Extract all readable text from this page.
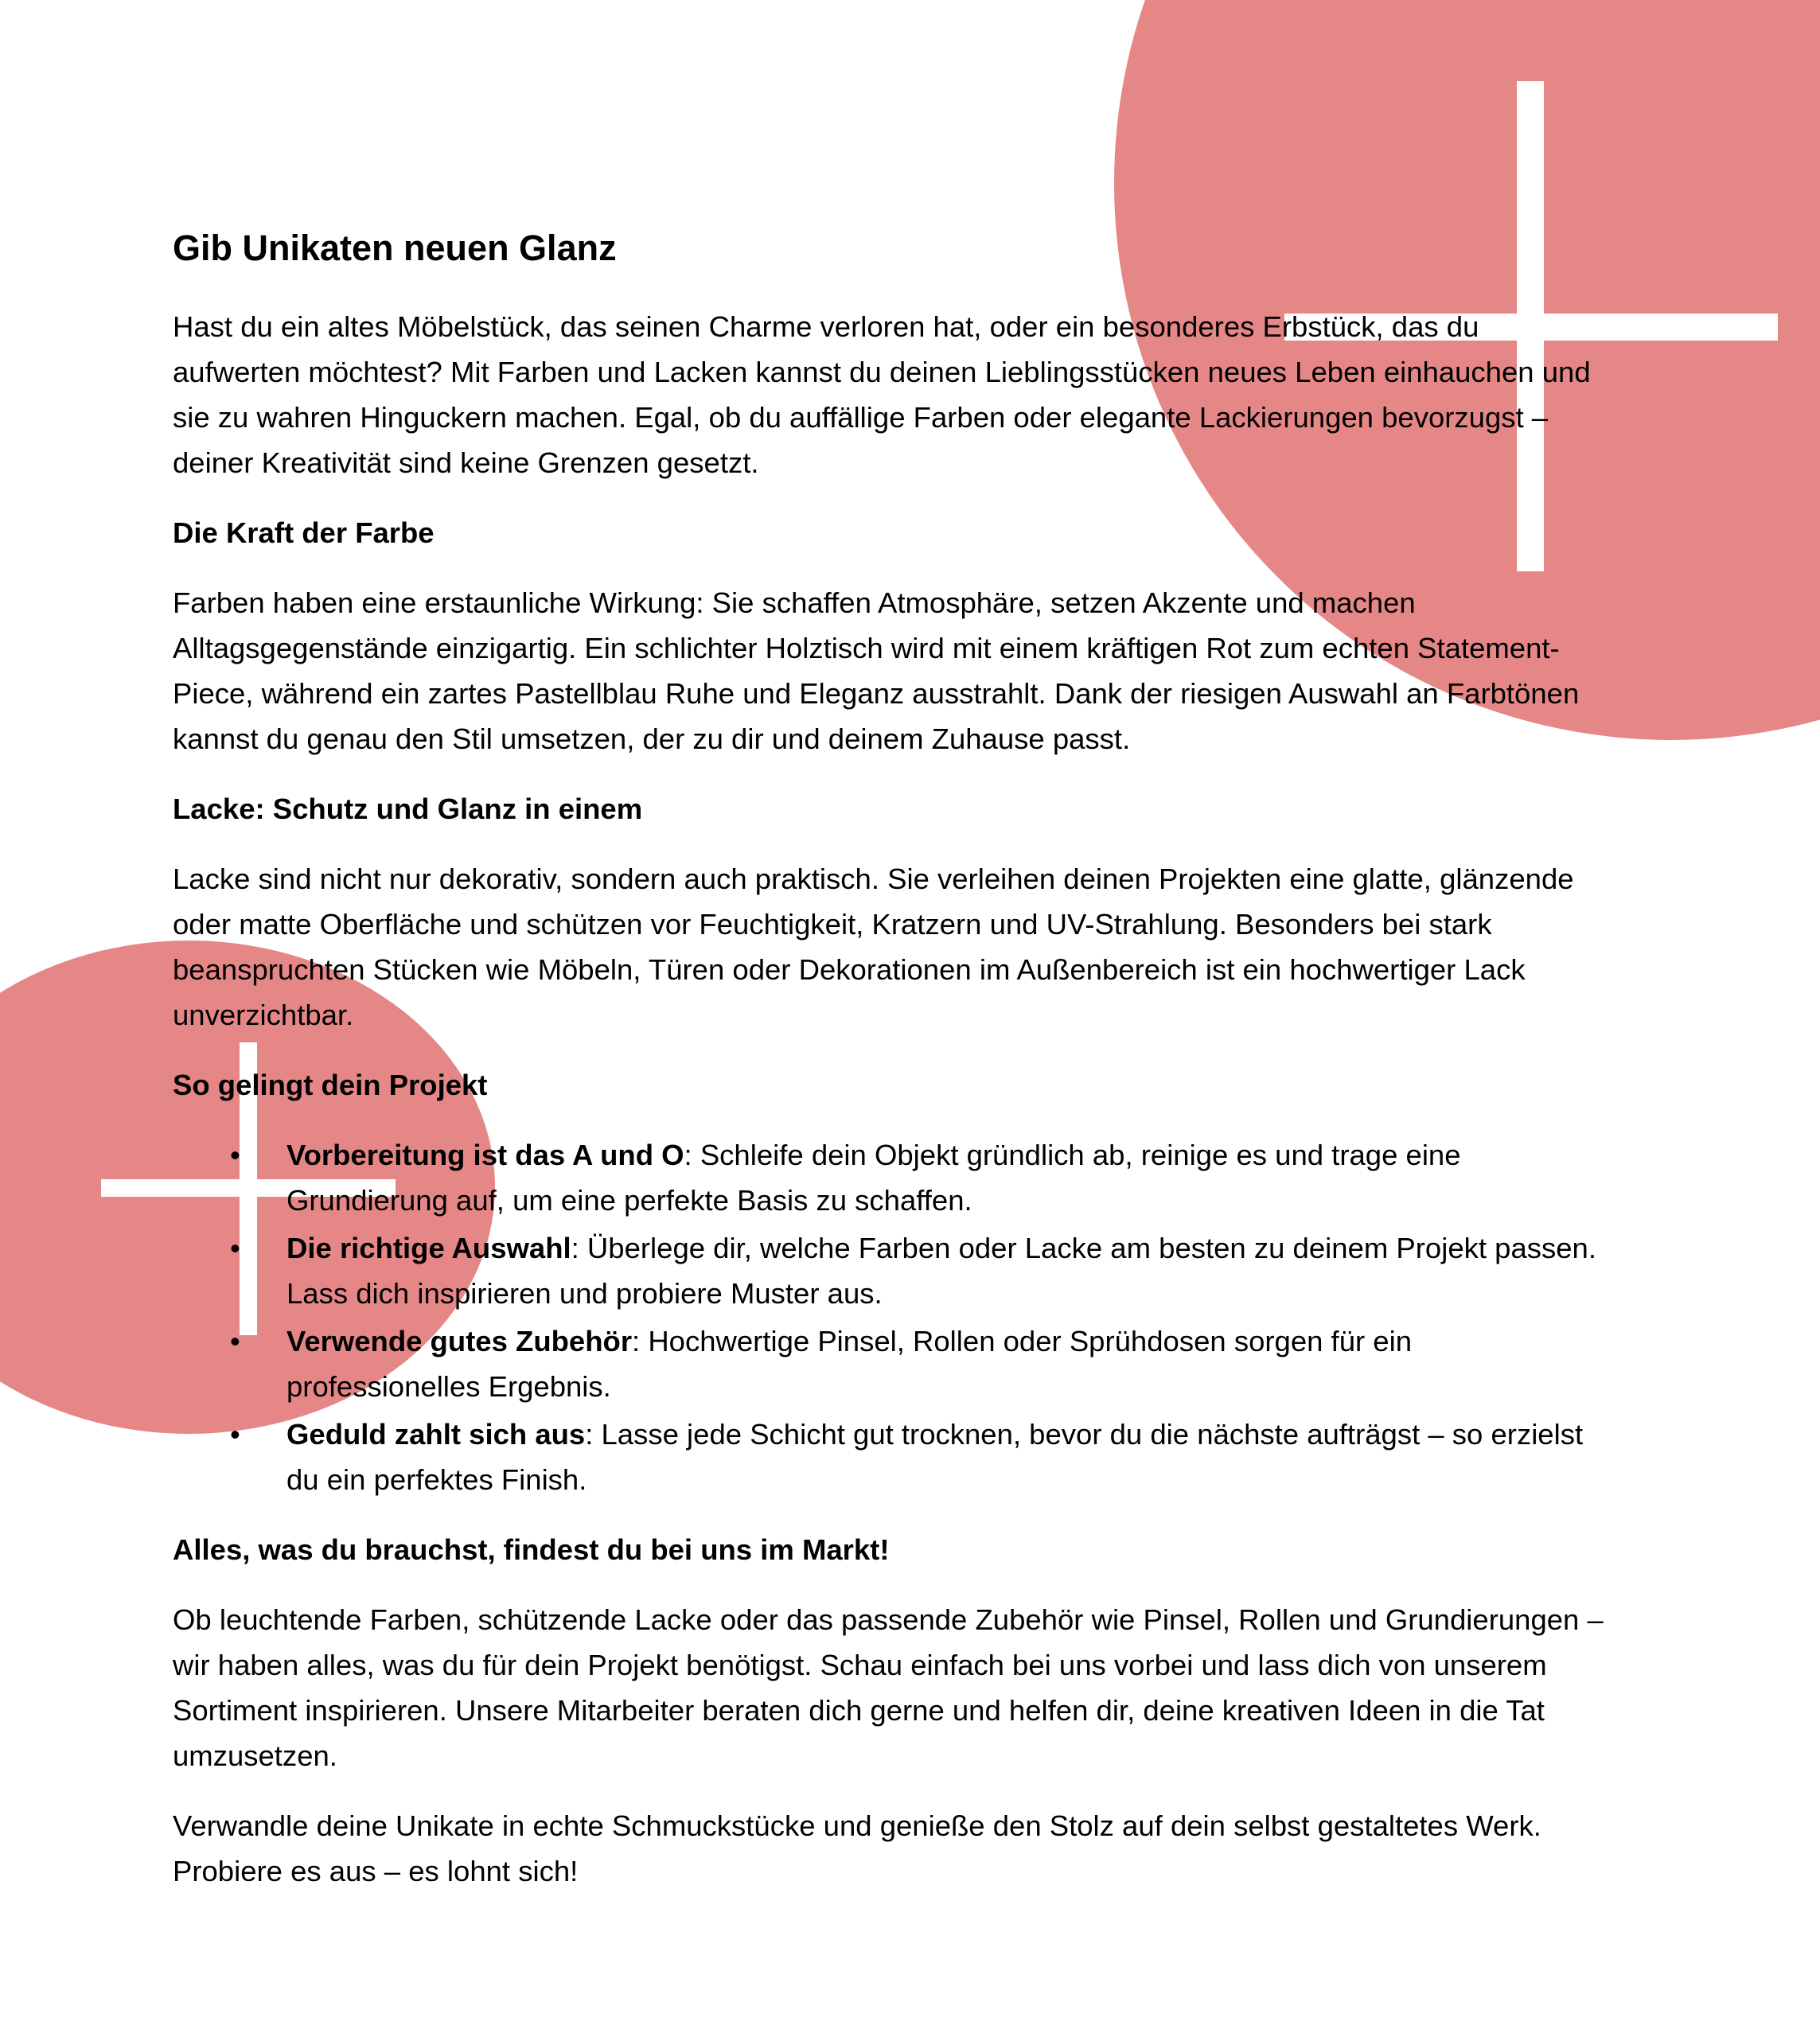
Gib Unikaten neuen Glanz

Hast du ein altes Möbelstück, das seinen Charme verloren hat, oder ein besonderes Erbstück, das du aufwerten möchtest? Mit Farben und Lacken kannst du deinen Lieblingsstücken neues Leben einhauchen und sie zu wahren Hinguckern machen. Egal, ob du auffällige Farben oder elegante Lackierungen bevorzugst – deiner Kreativität sind keine Grenzen gesetzt.

Die Kraft der Farbe

Farben haben eine erstaunliche Wirkung: Sie schaffen Atmosphäre, setzen Akzente und machen Alltagsgegenstände einzigartig. Ein schlichter Holztisch wird mit einem kräftigen Rot zum echten Statement-Piece, während ein zartes Pastellblau Ruhe und Eleganz ausstrahlt. Dank der riesigen Auswahl an Farbtönen kannst du genau den Stil umsetzen, der zu dir und deinem Zuhause passt.

Lacke: Schutz und Glanz in einem

Lacke sind nicht nur dekorativ, sondern auch praktisch. Sie verleihen deinen Projekten eine glatte, glänzende oder matte Oberfläche und schützen vor Feuchtigkeit, Kratzern und UV-Strahlung. Besonders bei stark beanspruchten Stücken wie Möbeln, Türen oder Dekorationen im Außenbereich ist ein hochwertiger Lack unverzichtbar.

So gelingt dein Projekt
• Vorbereitung ist das A und O: Schleife dein Objekt gründlich ab, reinige es und trage eine Grundierung auf, um eine perfekte Basis zu schaffen.
• Die richtige Auswahl: Überlege dir, welche Farben oder Lacke am besten zu deinem Projekt passen. Lass dich inspirieren und probiere Muster aus.
• Verwende gutes Zubehör: Hochwertige Pinsel, Rollen oder Sprühdosen sorgen für ein professionelles Ergebnis.
• Geduld zahlt sich aus: Lasse jede Schicht gut trocknen, bevor du die nächste aufträgst – so erzielst du ein perfektes Finish.
Alles, was du brauchst, findest du bei uns im Markt!

Ob leuchtende Farben, schützende Lacke oder das passende Zubehör wie Pinsel, Rollen und Grundierungen – wir haben alles, was du für dein Projekt benötigst. Schau einfach bei uns vorbei und lass dich von unserem Sortiment inspirieren. Unsere Mitarbeiter beraten dich gerne und helfen dir, deine kreativen Ideen in die Tat umzusetzen.

Verwandle deine Unikate in echte Schmuckstücke und genieße den Stolz auf dein selbst gestaltetes Werk. Probiere es aus – es lohnt sich!
